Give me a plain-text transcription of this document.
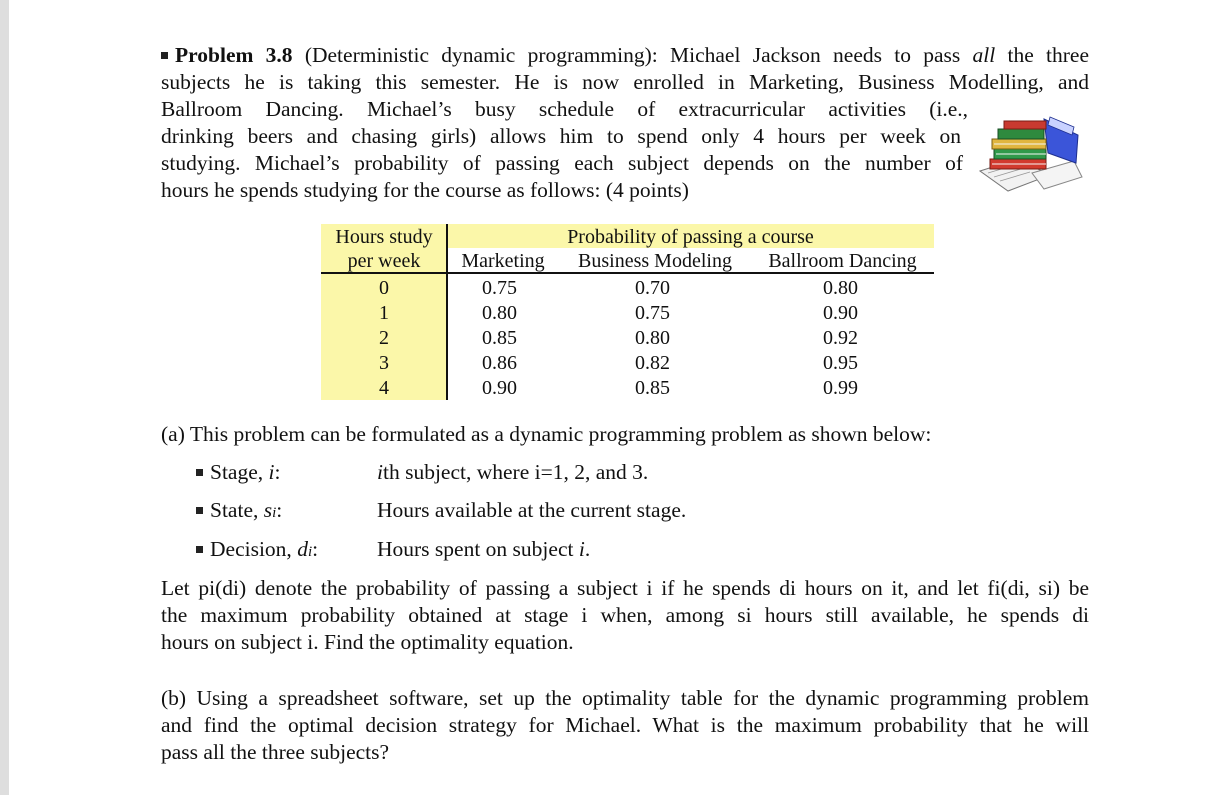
Problem 3.8 (Deterministic dynamic programming): Michael Jackson needs to pass all the three
subjects he is taking this semester. He is now enrolled in Marketing, Business Modelling, and
Ballroom Dancing. Michael’s busy schedule of extracurricular activities (i.e.,
drinking beers and chasing girls) allows him to spend only 4 hours per week on
studying. Michael’s probability of passing each subject depends on the number of
hours he spends studying for the course as follows: (4 points)
Hours study
per week
Probability of passing a course
Marketing	Business Modeling	Ballroom Dancing
0	0.75	0.70	0.80
1	0.80	0.75	0.90
2	0.85	0.80	0.92
3	0.86	0.82	0.95
4	0.90	0.85	0.99
(a) This problem can be formulated as a dynamic programming problem as shown below:
Stage, i:	ith subject, where i=1, 2, and 3.
State, si:	Hours available at the current stage.
Decision, di:	Hours spent on subject i.
Let pi(di) denote the probability of passing a subject i if he spends di hours on it, and let fi(di, si) be
the maximum probability obtained at stage i when, among si hours still available, he spends di
hours on subject i. Find the optimality equation.
(b) Using a spreadsheet software, set up the optimality table for the dynamic programming problem
and find the optimal decision strategy for Michael. What is the maximum probability that he will
pass all the three subjects?
